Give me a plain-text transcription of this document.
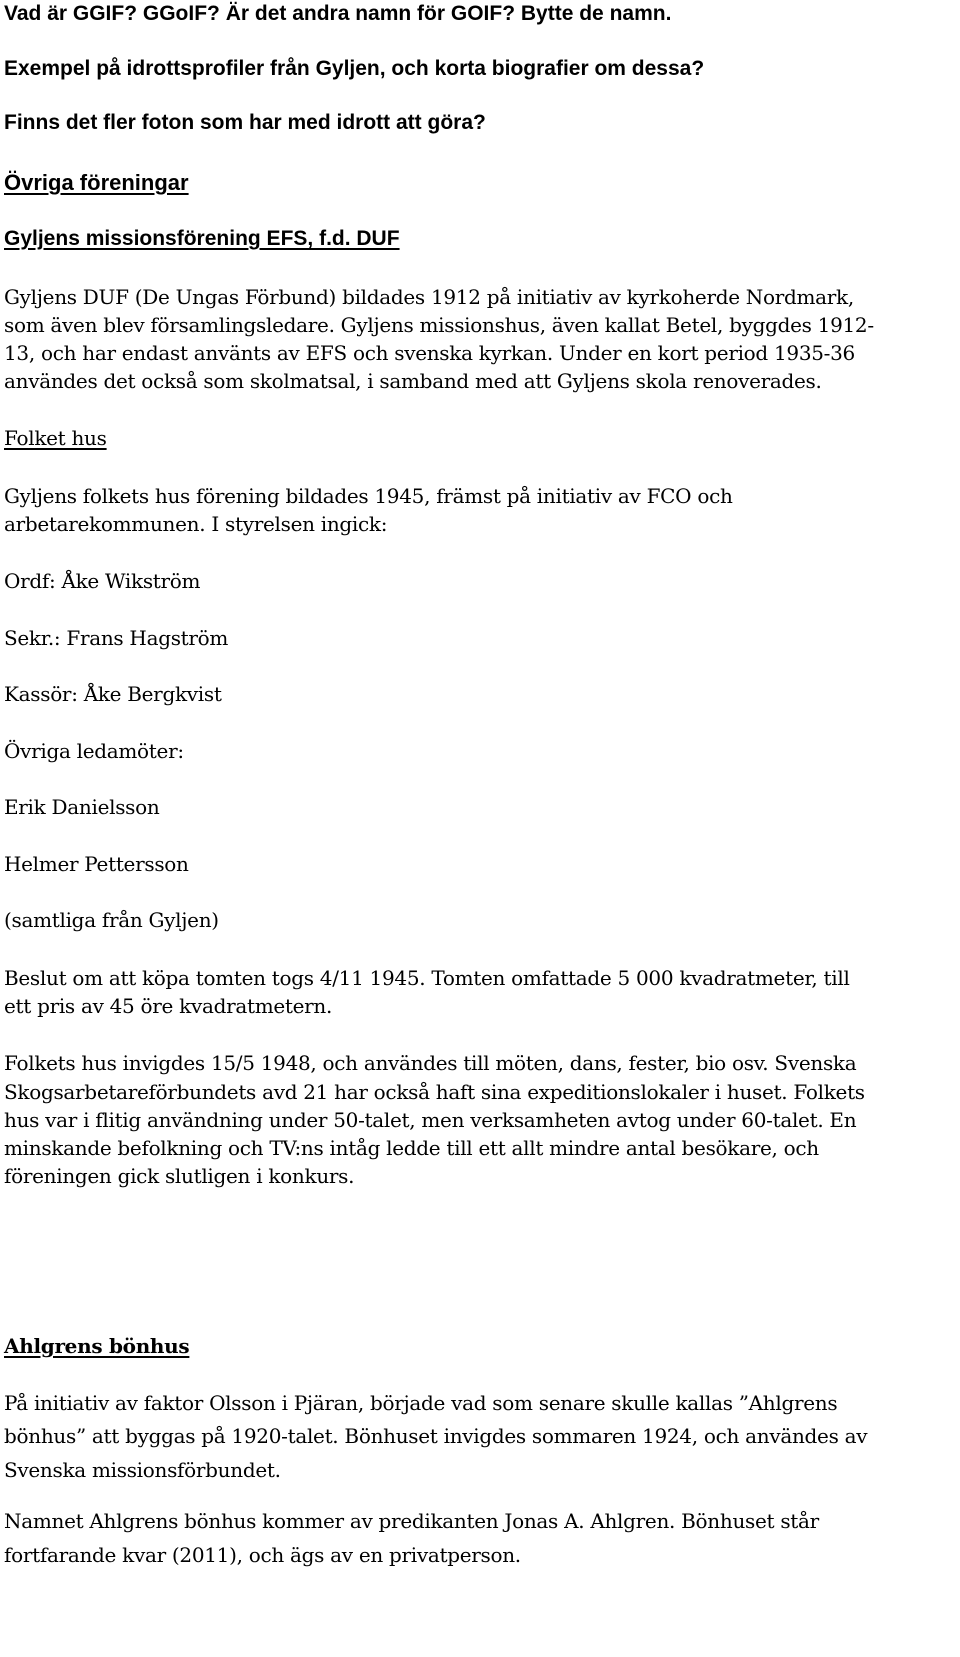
Vad är GGIF? GGoIF? Är det andra namn för GOIF? Bytte de namn.
Exempel på idrottsprofiler från Gyljen, och korta biografier om dessa?
Finns det fler foton som har med idrott att göra?
Övriga föreningar
Gyljens missionsförening EFS, f.d. DUF
Gyljens DUF (De Ungas Förbund) bildades 1912 på initiativ av kyrkoherde Nordmark,
som även blev församlingsledare. Gyljens missionshus, även kallat Betel, byggdes 1912-
13, och har endast använts av EFS och svenska kyrkan. Under en kort period 1935-36
användes det också som skolmatsal, i samband med att Gyljens skola renoverades.
Folket hus
Gyljens folkets hus förening bildades 1945, främst på initiativ av FCO och
arbetarekommunen. I styrelsen ingick:
Ordf: Åke Wikström
Sekr.: Frans Hagström
Kassör: Åke Bergkvist
Övriga ledamöter:
Erik Danielsson
Helmer Pettersson
(samtliga från Gyljen)
Beslut om att köpa tomten togs 4/11 1945. Tomten omfattade 5 000 kvadratmeter, till
ett pris av 45 öre kvadratmetern.
Folkets hus invigdes 15/5 1948, och användes till möten, dans, fester, bio osv. Svenska
Skogsarbetareförbundets avd 21 har också haft sina expeditionslokaler i huset. Folkets
hus var i flitig användning under 50-talet, men verksamheten avtog under 60-talet. En
minskande befolkning och TV:ns intåg ledde till ett allt mindre antal besökare, och
föreningen gick slutligen i konkurs.
Ahlgrens bönhus
På initiativ av faktor Olsson i Pjäran, började vad som senare skulle kallas ”Ahlgrens
bönhus” att byggas på 1920-talet. Bönhuset invigdes sommaren 1924, och användes av
Svenska missionsförbundet.
Namnet Ahlgrens bönhus kommer av predikanten Jonas A. Ahlgren. Bönhuset står
fortfarande kvar (2011), och ägs av en privatperson.
